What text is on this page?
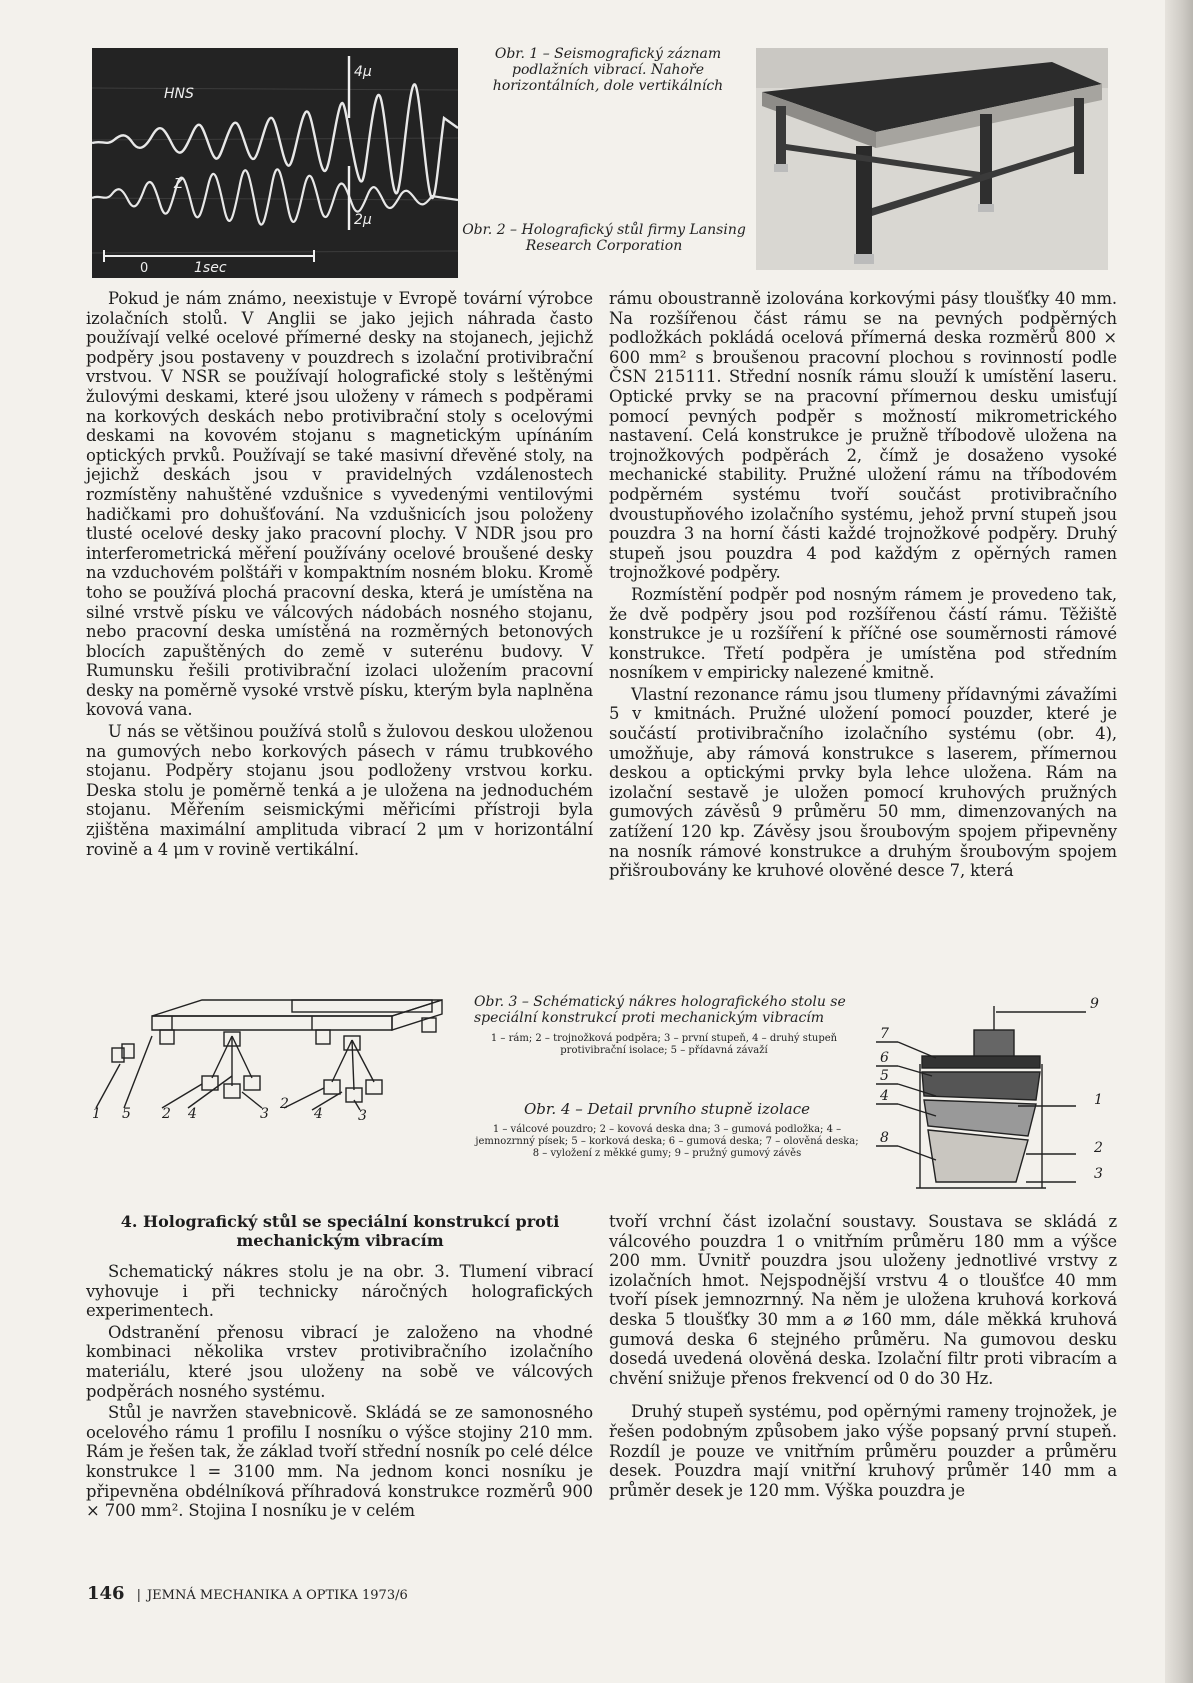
HNS
Z
4μ
2μ
0	1sec
Obr. 1 – Seismografický záznam podlažních vibrací. Nahoře horizontálních, dole vertikálních
Obr. 2 – Holografický stůl firmy Lansing Research Corporation

Pokud je nám známo, neexistuje v Evropě tovární výrobce izolačních stolů. V Anglii se jako jejich náhrada často používají velké ocelové přímerné desky na stojanech, jejichž podpěry jsou postaveny v pouzdrech s izolační protivibrační vrstvou. V NSR se používají holografické stoly s leštěnými žulovými deskami, které jsou uloženy v rámech s podpěrami na korkových deskách nebo protivibrační stoly s ocelovými deskami na kovovém stojanu s magnetickým upínáním optických prvků. Používají se také masivní dřevěné stoly, na jejichž deskách jsou v pravidelných vzdálenostech rozmístěny nahuštěné vzdušnice s vyvedenými ventilovými hadičkami pro dohušťování. Na vzdušnicích jsou položeny tlusté ocelové desky jako pracovní plochy. V NDR jsou pro interferometrická měření používány ocelové broušené desky na vzduchovém polštáři v kompaktním nosném bloku. Kromě toho se používá plochá pracovní deska, která je umístěna na silné vrstvě písku ve válcových nádobách nosného stojanu, nebo pracovní deska umístěná na rozměrných betonových blocích zapuštěných do země v suterénu budovy. V Rumunsku řešili protivibrační izolaci uložením pracovní desky na poměrně vysoké vrstvě písku, kterým byla naplněna kovová vana.

U nás se většinou používá stolů s žulovou deskou uloženou na gumových nebo korkových pásech v rámu trubkového stojanu. Podpěry stojanu jsou podloženy vrstvou korku. Deska stolu je poměrně tenká a je uložena na jednoduchém stojanu. Měřením seismickými měřicími přístroji byla zjištěna maximální amplituda vibrací 2 μm v horizontální rovině a 4 μm v rovině vertikální.

rámu oboustranně izolována korkovými pásy tloušťky 40 mm. Na rozšířenou část rámu se na pevných podpěrných podložkách pokládá ocelová přímerná deska rozměrů 800 × 600 mm² s broušenou pracovní plochou s rovinností podle ČSN 215111. Střední nosník rámu slouží k umístění laseru. Optické prvky se na pracovní přímernou desku umisťují pomocí pevných podpěr s možností mikrometrického nastavení. Celá konstrukce je pružně tříbodově uložena na trojnožkových podpěrách 2, čímž je dosaženo vysoké mechanické stability. Pružné uložení rámu na tříbodovém podpěrném systému tvoří součást protivibračního dvoustupňového izolačního systému, jehož první stupeň jsou pouzdra 3 na horní části každé trojnožkové podpěry. Druhý stupeň jsou pouzdra 4 pod každým z opěrných ramen trojnožkové podpěry.

Rozmístění podpěr pod nosným rámem je provedeno tak, že dvě podpěry jsou pod rozšířenou částí rámu. Těžiště konstrukce je u rozšíření k příčné ose souměrnosti rámové konstrukce. Třetí podpěra je umístěna pod středním nosníkem v empiricky nalezené kmitně.

Vlastní rezonance rámu jsou tlumeny přídavnými závažími 5 v kmitnách. Pružné uložení pomocí pouzder, které je součástí protivibračního izolačního systému (obr. 4), umožňuje, aby rámová konstrukce s laserem, přímernou deskou a optickými prvky byla lehce uložena. Rám na izolační sestavě je uložen pomocí kruhových pružných gumových závěsů 9 průměru 50 mm, dimenzovaných na zatížení 120 kp. Závěsy jsou šroubovým spojem připevněny na nosník rámové konstrukce a druhým šroubovým spojem přišroubovány ke kruhové olověné desce 7, která

1 5 2 4	3
2
4	3
Obr. 3 – Schématický nákres holografického stolu se speciální konstrukcí proti mechanickým vibracím
1 – rám; 2 – trojnožková podpěra; 3 – první stupeň, 4 – druhý stupeň protivibrační isolace; 5 – přídavná závaží
Obr. 4 – Detail prvního stupně izolace
1 – válcové pouzdro; 2 – kovová deska dna; 3 – gumová podložka; 4 – jemnozrnný písek; 5 – korková deska; 6 – gumová deska; 7 – olověná deska; 8 – vyložení z měkké gumy; 9 – pružný gumový závěs
9
7
6
5
4
8
1
2
3
4. Holografický stůl se speciální konstrukcí proti mechanickým vibracím

Schematický nákres stolu je na obr. 3. Tlumení vibrací vyhovuje i při technicky náročných holografických experimentech.

Odstranění přenosu vibrací je založeno na vhodné kombinaci několika vrstev protivibračního izolačního materiálu, které jsou uloženy na sobě ve válcových podpěrách nosného systému.

Stůl je navržen stavebnicově. Skládá se ze samonosného ocelového rámu 1 profilu I nosníku o výšce stojiny 210 mm. Rám je řešen tak, že základ tvoří střední nosník po celé délce konstrukce l = 3100 mm. Na jednom konci nosníku je připevněna obdélníková příhradová konstrukce rozměrů 900 × 700 mm². Stojina I nosníku je v celém

tvoří vrchní část izolační soustavy. Soustava se skládá z válcového pouzdra 1 o vnitřním průměru 180 mm a výšce 200 mm. Uvnitř pouzdra jsou uloženy jednotlivé vrstvy z izolačních hmot. Nejspodnější vrstvu 4 o tloušťce 40 mm tvoří písek jemnozrnný. Na něm je uložena kruhová korková deska 5 tloušťky 30 mm a ⌀ 160 mm, dále měkká kruhová gumová deska 6 stejného průměru. Na gumovou desku dosedá uvedená olověná deska. Izolační filtr proti vibracím a chvění snižuje přenos frekvencí od 0 do 30 Hz.

Druhý stupeň systému, pod opěrnými rameny trojnožek, je řešen podobným způsobem jako výše popsaný první stupeň. Rozdíl je pouze ve vnitřním průměru pouzder a průměru desek. Pouzdra mají vnitřní kruhový průměr 140 mm a průměr desek je 120 mm. Výška pouzdra je

146 | JEMNÁ MECHANIKA A OPTIKA 1973/6
